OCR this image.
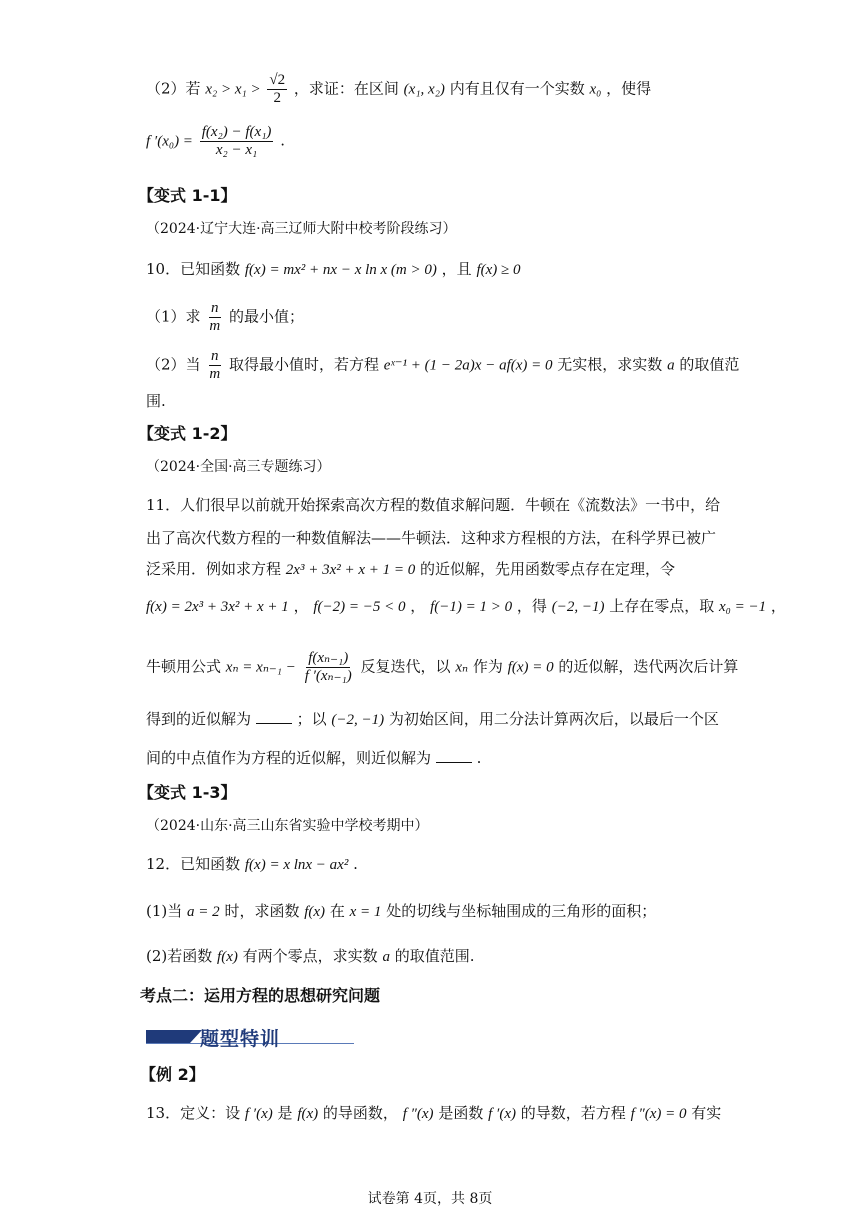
（2）若 $x_2 > x_1 > \frac{√2}{2}$ ，求证：在区间 (x₁, x₂) 内有且仅有一个实数 x₀ ，使得
f $'(x_0) = \frac{\text{f(x₂) − f(x₁)}}{\text{x₂ − x₁}}$ .
【变式 1-1】
（2024·辽宁大连·高三辽师大附中校考阶段练习）
10．已知函数 f(x) = mx² + nx − x ln x (m > 0) ，且 f(x) ≥ 0
（1）求 $\frac{n}{m}$ 的最小值；
（2）当 $\frac{n}{m}$ 取得最小值时，若方程 eˣ⁻¹ + (1 − 2a)x − af(x) = 0 无实根，求实数 a 的取值范
围.
【变式 1-2】
（2024·全国·高三专题练习）
11．人们很早以前就开始探索高次方程的数值求解问题．牛顿在《流数法》一书中，给
出了高次代数方程的一种数值解法——牛顿法．这种求方程根的方法，在科学界已被广
泛采用．例如求方程 2x³ + 3x² + x + 1 = 0 的近似解，先用函数零点存在定理，令
f(x) = 2x³ + 3x² + x + 1 ， f(−2) = −5 < 0 ， f(−1) = 1 > 0 ，得 (−2, −1) 上存在零点，取 x₀ = −1 ，
牛顿用公式 $x_n = x_{n-1} - \frac{\text{f(xₙ₋₁)}}{\text{f ′(xₙ₋₁)}}$ 反复迭代，以 xₙ 作为 f(x) = 0 的近似解，迭代两次后计算
得到的近似解为	；以 (−2, −1) 为初始区间，用二分法计算两次后，以最后一个区
间的中点值作为方程的近似解，则近似解为	.
【变式 1-3】
（2024·山东·高三山东省实验中学校考期中）
12．已知函数 f(x) = x lnx − ax² .
(1)当 a = 2 时，求函数 f(x) 在 x = 1 处的切线与坐标轴围成的三角形的面积；
(2)若函数 f(x) 有两个零点，求实数 a 的取值范围.
考点二：运用方程的思想研究问题
题型特训
【例 2】
13．定义：设 f ′(x) 是 f(x) 的导函数， f ″(x) 是函数 f ′(x) 的导数，若方程 f ″(x) = 0 有实
试卷第 4页，共 8页
